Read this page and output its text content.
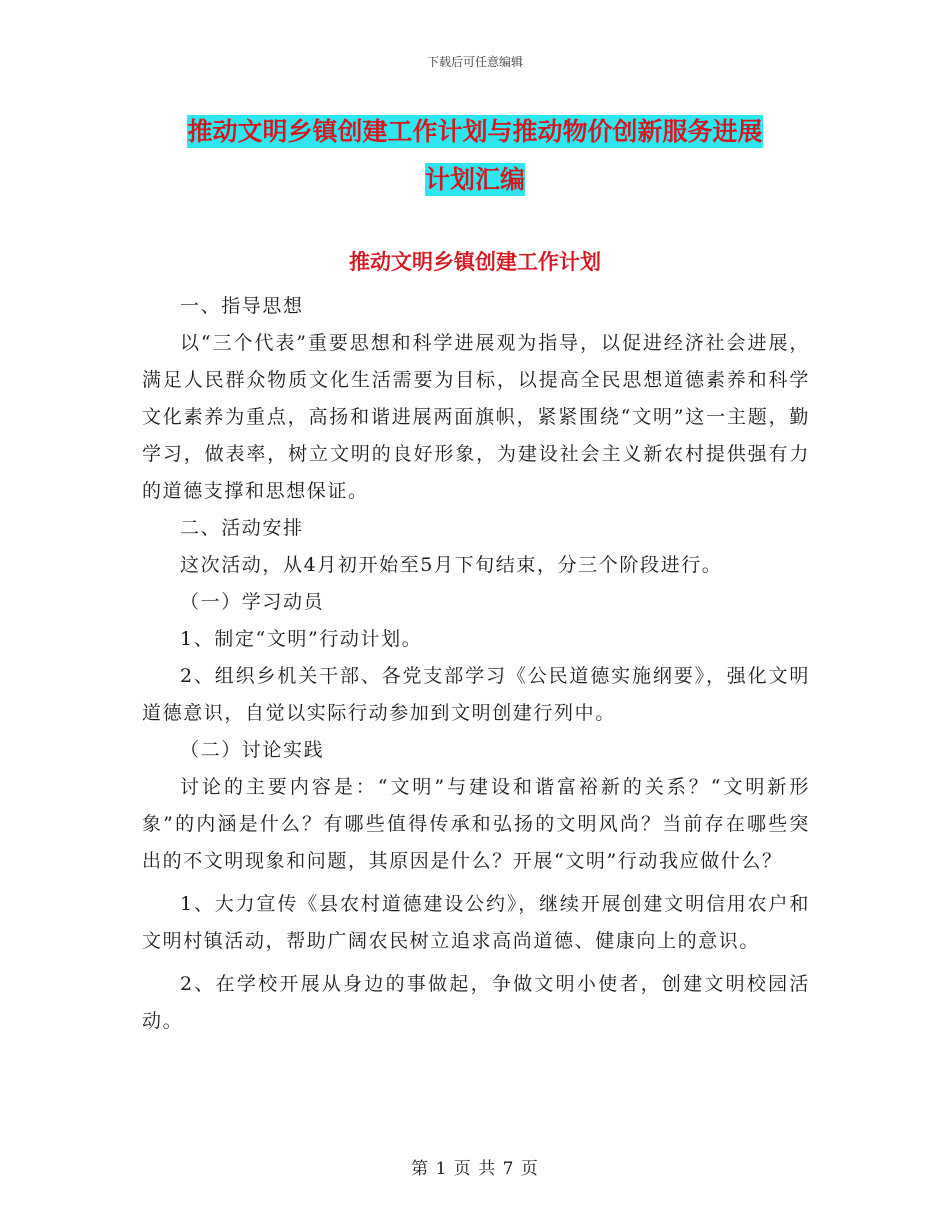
下载后可任意编辑
推动文明乡镇创建工作计划与推动物价创新服务进展
计划汇编
推动文明乡镇创建工作计划

一、指导思想

以“三个代表”重要思想和科学进展观为指导，以促进经济社会进展，满足人民群众物质文化生活需要为目标，以提高全民思想道德素养和科学文化素养为重点，高扬和谐进展两面旗帜，紧紧围绕“文明”这一主题，勤学习，做表率，树立文明的良好形象，为建设社会主义新农村提供强有力的道德支撑和思想保证。

二、活动安排

这次活动，从4月初开始至5月下旬结束，分三个阶段进行。

（一）学习动员

1、制定“文明”行动计划。

2、组织乡机关干部、各党支部学习《公民道德实施纲要》，强化文明道德意识，自觉以实际行动参加到文明创建行列中。

（二）讨论实践

讨论的主要内容是：“文明”与建设和谐富裕新的关系？“文明新形象”的内涵是什么？有哪些值得传承和弘扬的文明风尚？当前存在哪些突出的不文明现象和问题，其原因是什么？开展“文明”行动我应做什么？

1、大力宣传《县农村道德建设公约》，继续开展创建文明信用农户和文明村镇活动，帮助广阔农民树立追求高尚道德、健康向上的意识。

2、在学校开展从身边的事做起，争做文明小使者，创建文明校园活动。

第 1 页 共 7 页
